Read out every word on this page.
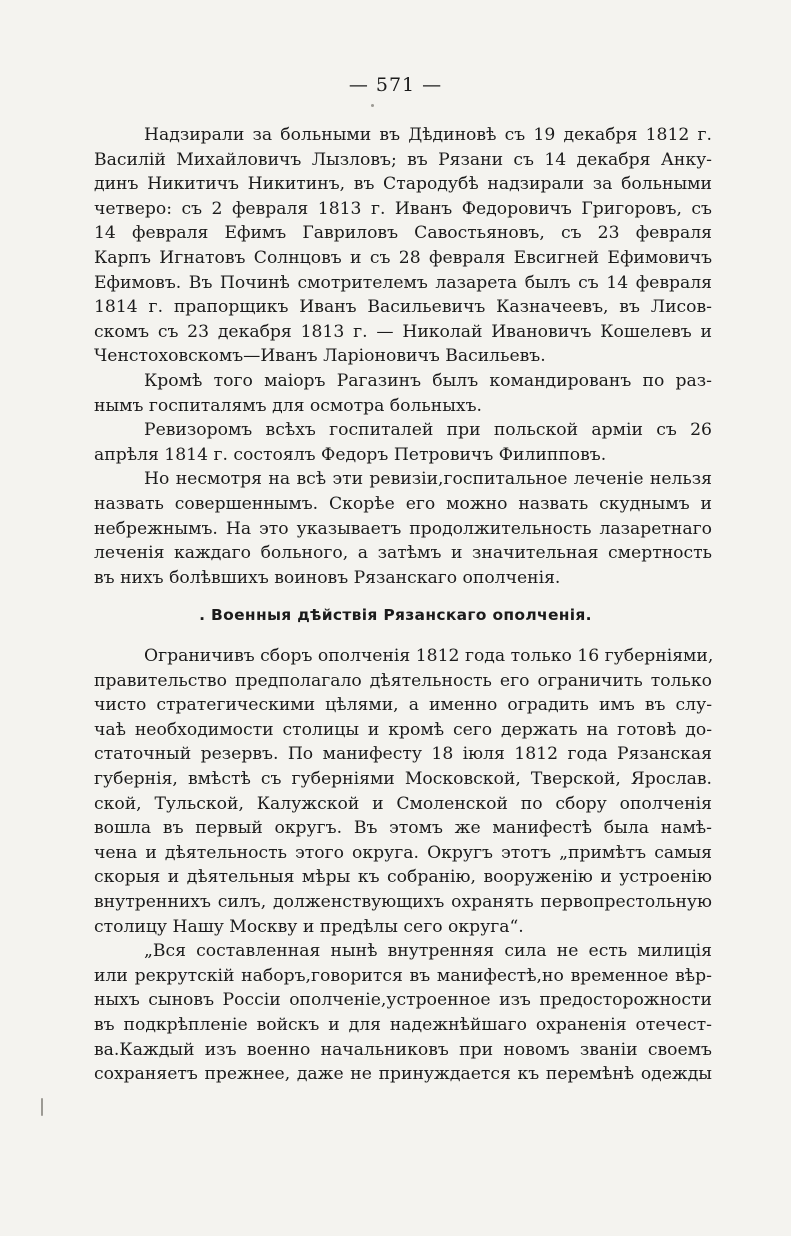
— 571 —
Надзирали за больными въ Дѣдиновѣ съ 19 декабря 1812 г.
Василій Михайловичъ Лызловъ; въ Рязани съ 14 декабря Анку-
динъ Никитичъ Никитинъ, въ Стародубѣ надзирали за больными
четверо: съ 2 февраля 1813 г. Иванъ Федоровичъ Григоровъ, съ
14 февраля Ефимъ Гавриловъ Савостьяновъ, съ 23 февраля
Карпъ Игнатовъ Солнцовъ и съ 28 февраля Евсигней Ефимовичъ
Ефимовъ. Въ Починѣ смотрителемъ лазарета былъ съ 14 февраля
1814 г. прапорщикъ Иванъ Васильевичъ Казначеевъ, въ Лисов-
скомъ съ 23 декабря 1813 г. — Николай Ивановичъ Кошелевъ и
Ченстоховскомъ—Иванъ Ларіоновичъ Васильевъ.
Кромѣ того маіоръ Рагазинъ былъ командированъ по раз-
нымъ госпиталямъ для осмотра больныхъ.
Ревизоромъ всѣхъ госпиталей при польской арміи съ 26
апрѣля 1814 г. состоялъ Федоръ Петровичъ Филипповъ.
Но несмотря на всѣ эти ревизіи,госпитальное леченіе нельзя
назвать совершеннымъ. Скорѣе его можно назвать скуднымъ и
небрежнымъ. На это указываетъ продолжительность лазаретнаго
леченія каждаго больного, а затѣмъ и значительная смертность
въ нихъ болѣвшихъ воиновъ Рязанскаго ополченія.
. Военныя дѣйствія Рязанскаго ополченія.
Ограничивъ сборъ ополченія 1812 года только 16 губерніями,
правительство предполагало дѣятельность его ограничить только
чисто стратегическими цѣлями, а именно оградить имъ въ слу-
чаѣ необходимости столицы и кромѣ сего держать на готовѣ до-
статочный резервъ. По манифесту 18 іюля 1812 года Рязанская
губернія, вмѣстѣ съ губерніями Московской, Тверской, Ярослав.
ской, Тульской, Калужской и Смоленской по сбору ополченія
вошла въ первый округъ. Въ этомъ же манифестѣ была намѣ-
чена и дѣятельность этого округа. Округъ этотъ „примѣтъ самыя
скорыя и дѣятельныя мѣры къ собранію, вооруженію и устроенію
внутреннихъ силъ, долженствующихъ охранять первопрестольную
столицу Нашу Москву и предѣлы сего округа“.
„Вся составленная нынѣ внутренняя сила не есть милиція
или рекрутскій наборъ,говорится въ манифестѣ,но временное вѣр-
ныхъ сыновъ Россіи ополченіе,устроенное изъ предосторожности
въ подкрѣпленіе войскъ и для надежнѣйшаго охраненія отечест-
ва.Каждый изъ военно начальниковъ при новомъ званіи своемъ
сохраняетъ прежнее, даже не принуждается къ перемѣнѣ одежды
